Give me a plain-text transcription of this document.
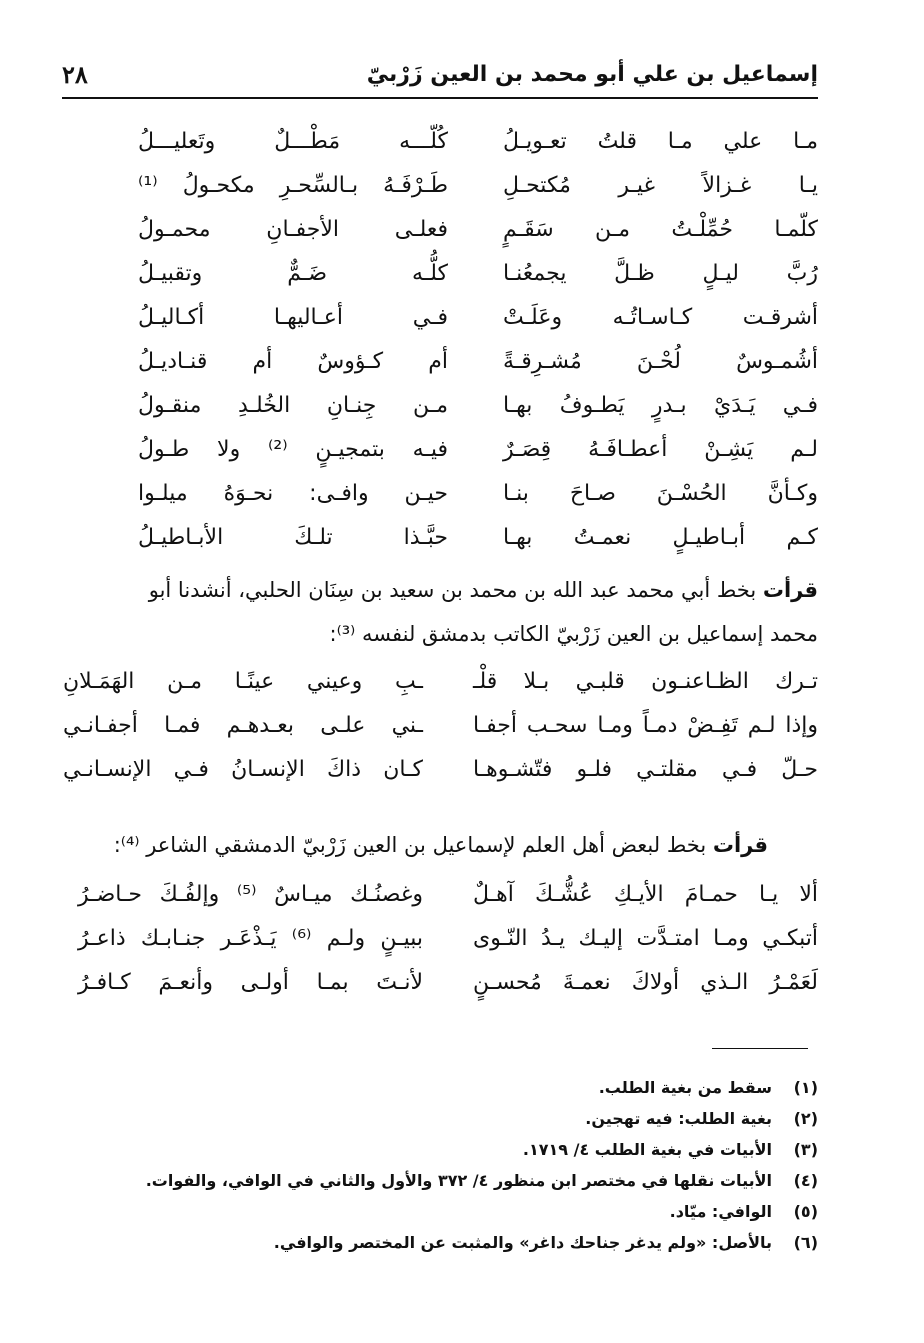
إسماعيل بن علي أبو محمد بن العين زَرْبيّ
٢٨
مـا علي مـا قلتُ تعـويـلُ
كُلّـــه مَطْـــلٌ وتَعليـــلُ
يـا غـزالاً غيـر مُكتحـلِ
طَـرْفَـهُ بـالسِّحـرِ مكحـولُ ⁽¹⁾
كلّمـا حُمِّلْـتُ مـن سَقَـمٍ
فعلـى الأجفـانِ محمـولُ
رُبَّ ليـلٍ ظـلَّ يجمعُنـا
كلُّـه ضَـمٌّ وتقبيـلُ
أشرقـت كـاسـاتُـه وعَلَـتْ
فـي أعـاليهـا أكـاليـلُ
أشُمـوسٌ لُحْـنَ مُشـرِقـةً
أم كـؤوسٌ أم قنـاديـلُ
فـي يَـدَيْ بـدرٍ يَطـوفُ بهـا
مـن جِنـانِ الخُلـدِ منقـولُ
لـم يَشِـنْ أعطـافَـهُ قِصَـرٌ
فيـه بتمجيـنٍ ⁽²⁾ ولا طـولُ
وكـأنَّ الحُسْـنَ صـاحَ بنـا
حيـن وافـى: نحـوَهُ ميلـوا
كـم أبـاطيـلٍ نعمـتُ بهـا
حبَّـذا تلـكَ الأبـاطيـلُ
قرأت بخط أبي محمد عبد الله بن محمد بن سعيد بن سِنَان الحلبي، أنشدنا أبو
محمد إسماعيل بن العين زَرْبيّ الكاتب بدمشق لنفسه ⁽³⁾:
تـرك الظـاعنـون قلبـي بـلا قلْـ
ـبِ وعيني عينًـا مـن الهَمَـلانِ
وإذا لـم تَفِـضْ دمـاً ومـا سحـب أجفـا
ـني علـى بعـدهـم فمـا أجفـانـي
حـلّ فـي مقلتـي فلـو فتّشـوهـا
كـان ذاكَ الإنسـانُ فـي الإنسـانـي
قرأت بخط لبعض أهل العلم لإسماعيل بن العين زَرْبيّ الدمشقي الشاعر ⁽⁴⁾:
ألا يـا حمـامَ الأيـكِ عُشُّـكَ آهـلٌ
وغصنُـك ميـاسٌ ⁽⁵⁾ وإلفُـكَ حـاضـرُ
أتبكـي ومـا امتـدَّت إليـك يـدُ النّـوى
ببيـنٍ ولـم ⁽⁶⁾ يَـذْعَـر جنـابـك ذاعـرُ
لَعَمْـرُ الـذي أولاكَ نعمـةَ مُحسـنٍ
لأنـتَ بمـا أولـى وأنعـمَ كـافـرُ
(١)سقط من بغية الطلب.
(٢)بغية الطلب: فيه تهجين.
(٣)الأبيات في بغية الطلب ٤/ ١٧١٩.
(٤)الأبيات نقلها في مختصر ابن منظور ٤/ ٣٧٢ والأول والثاني في الوافي، والفوات.
(٥)الوافي: ميّاد.
(٦)بالأصل: «ولم يدغر جناحك داغر» والمثبت عن المختصر والوافي.
